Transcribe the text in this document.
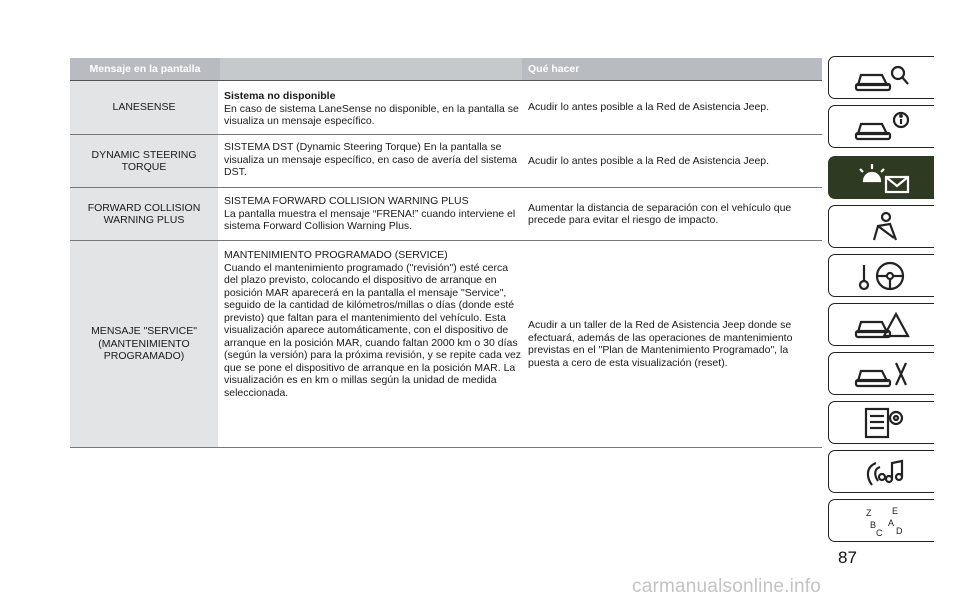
Mensaje en la pantalla	Qué hacer
LANESENSE
Sistema no disponible
En caso de sistema LaneSense no disponible, en la pantalla se visualiza un mensaje específico.
Acudir lo antes posible a la Red de Asistencia Jeep.
DYNAMIC STEERING TORQUE
SISTEMA DST (Dynamic Steering Torque) En la pantalla se visualiza un mensaje específico, en caso de avería del sistema DST.
Acudir lo antes posible a la Red de Asistencia Jeep.
FORWARD COLLISION WARNING PLUS
SISTEMA FORWARD COLLISION WARNING PLUS
La pantalla muestra el mensaje “FRENA!” cuando interviene el sistema Forward Collision Warning Plus.
Aumentar la distancia de separación con el vehículo que precede para evitar el riesgo de impacto.
MENSAJE "SERVICE" (MANTENIMIENTO PROGRAMADO)
MANTENIMIENTO PROGRAMADO (SERVICE)
Cuando el mantenimiento programado ("revisión") esté cerca del plazo previsto, colocando el dispositivo de arranque en posición MAR aparecerá en la pantalla el mensaje "Service", seguido de la cantidad de kilómetros/millas o días (donde esté previsto) que faltan para el mantenimiento del vehículo. Esta visualización aparece automáticamente, con el dispositivo de arranque en la posición MAR, cuando faltan 2000 km o 30 días (según la versión) para la próxima revisión, y se repite cada vez que se pone el dispositivo de arranque en la posición MAR. La visualización es en km o millas según la unidad de medida seleccionada.
Acudir a un taller de la Red de Asistencia Jeep donde se efectuará, además de las operaciones de mantenimiento previstas en el "Plan de Mantenimiento Programado", la puesta a cero de esta visualización (reset).
Z E
B A
C D
87
carmanualsonline.info
